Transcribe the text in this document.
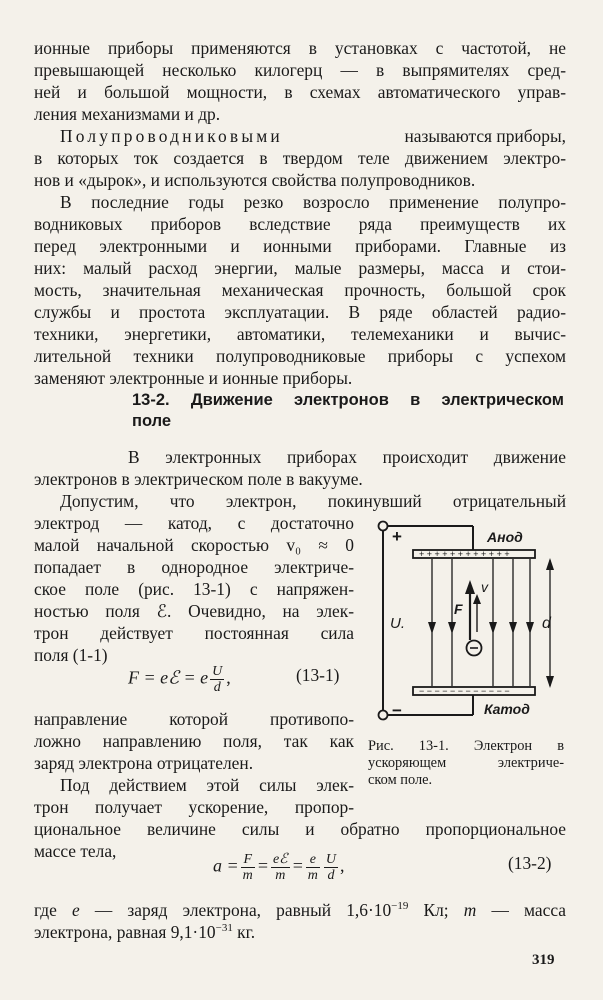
ионные приборы применяются в установках с частотой, не
превышающей несколько килогерц — в выпрямителях сред-
ней и большой мощности, в схемах автоматического управ-
ления механизмами и др.
Полупроводниковыми	называются приборы,
в которых ток создается в твердом теле движением электро-
нов и «дырок», и используются свойства полупроводников.
В последние годы резко возросло применение полупро-
водниковых приборов вследствие ряда преимуществ их
перед электронными и ионными приборами. Главные из
них: малый расход энергии, малые размеры, масса и стои-
мость, значительная механическая прочность, большой срок
службы и простота эксплуатации. В ряде областей радио-
техники, энергетики, автоматики, телемеханики и вычис-
лительной техники полупроводниковые приборы с успехом
заменяют электронные и ионные приборы.
13-2. Движение электронов в электрическом
поле
В электронных приборах происходит движение
электронов в электрическом поле в вакууме.
Допустим, что электрон, покинувший отрицательный
электрод — катод, с достаточно
малой начальной скоростью v₀ ≈ 0
попадает в однородное электриче-
ское поле (рис. 13-1) с напряжен-
ностью поля ℰ. Очевидно, на элек-
трон действует постоянная сила
поля (1-1)
F = eℰ = e $\frac{U}{d}$ ,	(13-1)
направление которой противопо-
ложно направлению поля, так как
заряд электрона отрицателен.
Под действием этой силы элек-
трон получает ускорение, пропор-
циональное величине силы и обратно пропорциональное
массе тела,
$a = \frac{F}{m} = \frac{\text{eℰ}}{m} = \frac{e}{m} \frac{U}{d}$ ,	(13-2)
где e — заряд электрона, равный $1,6\cdot 10^{-19}$ Кл; m — масса
электрона, равная $9,1\cdot 10^{-31}$ кг.
319
+ + + + + + + + + + + +
− − − − − − − − − − − −
+
−
Анод
Катод
U.	d
F
v
Рис. 13-1. Электрон в
ускоряющем электриче-
ском поле.
